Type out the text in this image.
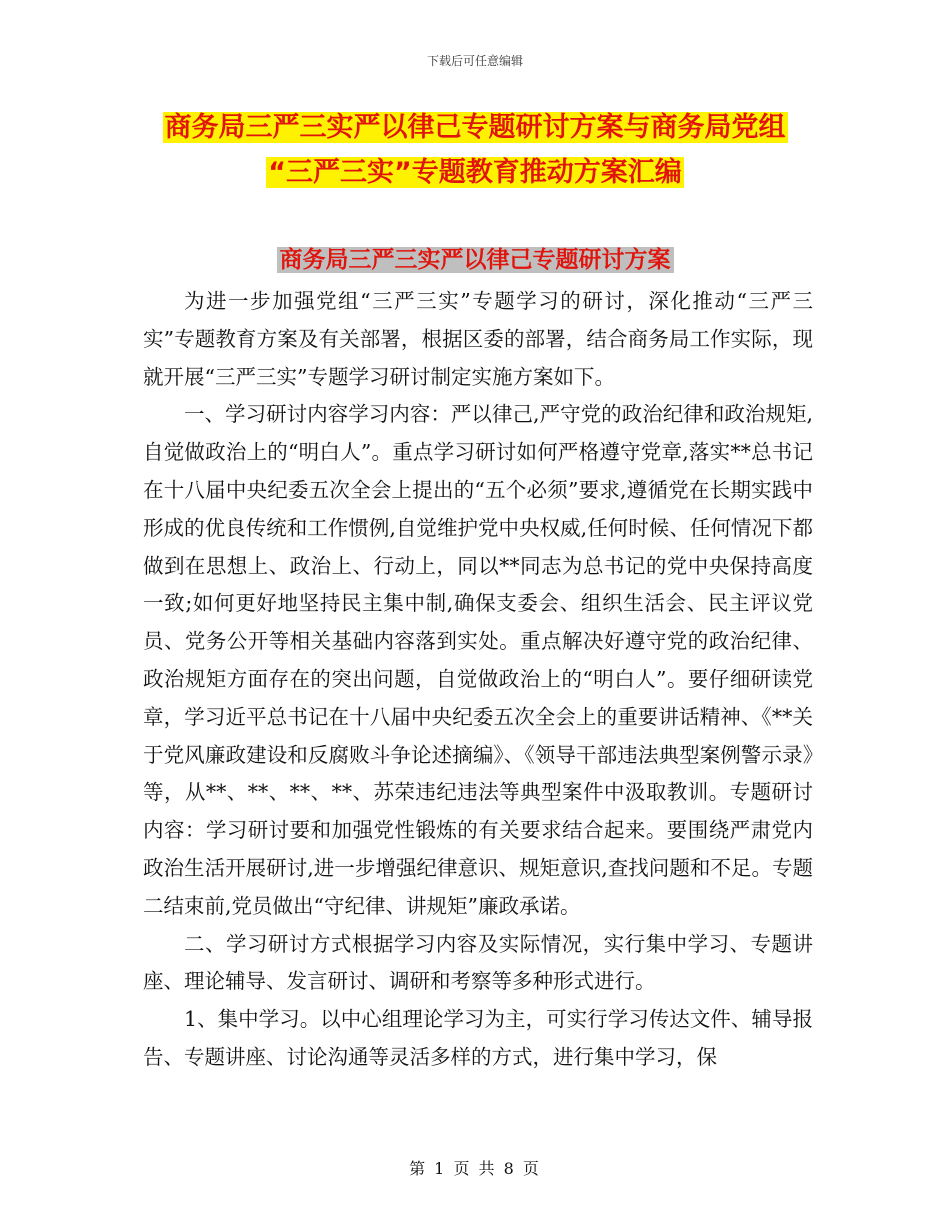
下载后可任意编辑
商务局三严三实严以律己专题研讨方案与商务局党组
“三严三实”专题教育推动方案汇编
商务局三严三实严以律己专题研讨方案

为进一步加强党组“三严三实”专题学习的研讨，深化推动“三严三实”专题教育方案及有关部署，根据区委的部署，结合商务局工作实际，现就开展“三严三实”专题学习研讨制定实施方案如下。

一、学习研讨内容学习内容：严以律己,严守党的政治纪律和政治规矩,自觉做政治上的“明白人”。重点学习研讨如何严格遵守党章,落实**总书记在十八届中央纪委五次全会上提出的“五个必须”要求,遵循党在长期实践中形成的优良传统和工作惯例,自觉维护党中央权威,任何时候、任何情况下都做到在思想上、政治上、行动上，同以**同志为总书记的党中央保持高度一致;如何更好地坚持民主集中制,确保支委会、组织生活会、民主评议党员、党务公开等相关基础内容落到实处。重点解决好遵守党的政治纪律、政治规矩方面存在的突出问题，自觉做政治上的“明白人”。要仔细研读党章，学习近平总书记在十八届中央纪委五次全会上的重要讲话精神、《**关于党风廉政建设和反腐败斗争论述摘编》、《领导干部违法典型案例警示录》等，从**、**、**、**、苏荣违纪违法等典型案件中汲取教训。专题研讨内容：学习研讨要和加强党性锻炼的有关要求结合起来。要围绕严肃党内政治生活开展研讨,进一步增强纪律意识、规矩意识,查找问题和不足。专题二结束前,党员做出“守纪律、讲规矩”廉政承诺。

二、学习研讨方式根据学习内容及实际情况，实行集中学习、专题讲座、理论辅导、发言研讨、调研和考察等多种形式进行。

1、集中学习。以中心组理论学习为主，可实行学习传达文件、辅导报告、专题讲座、讨论沟通等灵活多样的方式，进行集中学习，保

第 1 页 共 8 页
